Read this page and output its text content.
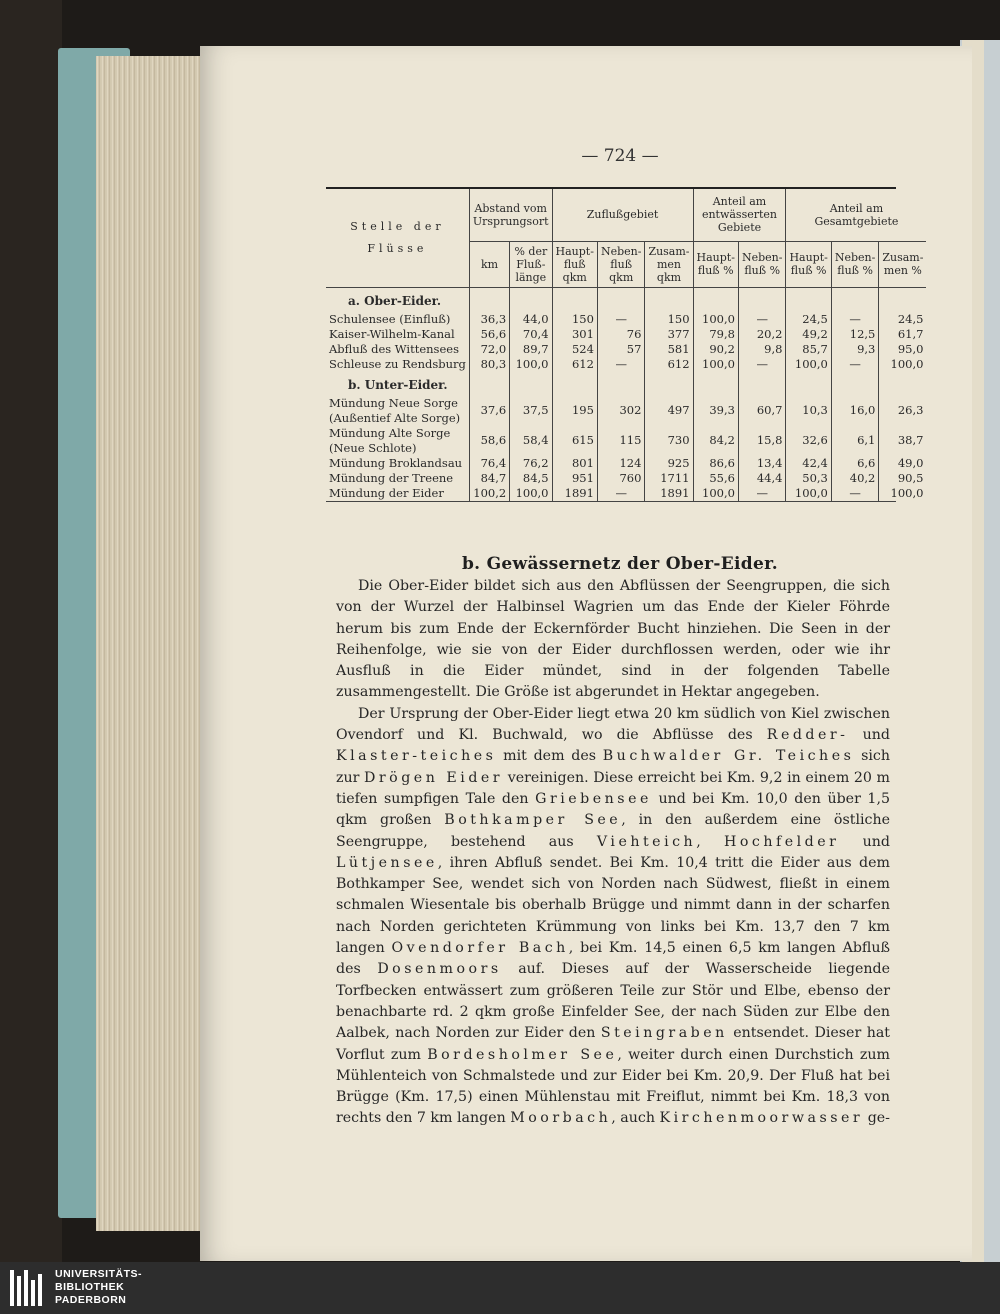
— 724 —
Stelle der Flüsse	Abstand vom Ursprungsort		Zuflußgebiet			Anteil am entwässerten Gebiete		Anteil am Gesamtgebiete		
	km	% der Fluß-länge	Haupt-fluß qkm	Neben-fluß qkm	Zusam-men qkm	Haupt-fluß %	Neben-fluß %	Haupt-fluß %	Neben-fluß %	Zusam-men %
a. Ober-Eider.										
Schulensee (Einfluß)	36,3	44,0	150	—	150	100,0	—	24,5	—	24,5
Kaiser-Wilhelm-Kanal	56,6	70,4	301	76	377	79,8	20,2	49,2	12,5	61,7
Abfluß des Wittensees	72,0	89,7	524	57	581	90,2	9,8	85,7	9,3	95,0
Schleuse zu Rendsburg	80,3	100,0	612	—	612	100,0	—	100,0	—	100,0
b. Unter-Eider.										
Mündung Neue Sorge
(Außentief Alte Sorge)	37,6	37,5	195	302	497	39,3	60,7	10,3	16,0	26,3
Mündung Alte Sorge
(Neue Schlote)	58,6	58,4	615	115	730	84,2	15,8	32,6	6,1	38,7
Mündung Broklandsau	76,4	76,2	801	124	925	86,6	13,4	42,4	6,6	49,0
Mündung der Treene	84,7	84,5	951	760	1711	55,6	44,4	50,3	40,2	90,5
Mündung der Eider	100,2	100,0	1891	—	1891	100,0	—	100,0	—	100,0
b. Gewässernetz der Ober-Eider.

Die Ober-Eider bildet sich aus den Abflüssen der Seengruppen, die sich von der Wurzel der Halbinsel Wagrien um das Ende der Kieler Föhrde herum bis zum Ende der Eckernförder Bucht hinziehen. Die Seen in der Reihenfolge, wie sie von der Eider durchflossen werden, oder wie ihr Ausfluß in die Eider mündet, sind in der folgenden Tabelle zusammengestellt. Die Größe ist abgerundet in Hektar angegeben.

Der Ursprung der Ober-Eider liegt etwa 20 km südlich von Kiel zwischen Ovendorf und Kl. Buchwald, wo die Abflüsse des Redder- und Klaster-teiches mit dem des Buchwalder Gr. Teiches sich zur Drögen Eider vereinigen. Diese erreicht bei Km. 9,2 in einem 20 m tiefen sumpfigen Tale den Griebensee und bei Km. 10,0 den über 1,5 qkm großen Bothkamper See, in den außerdem eine östliche Seengruppe, bestehend aus Viehteich, Hochfelder und Lütjensee, ihren Abfluß sendet. Bei Km. 10,4 tritt die Eider aus dem Bothkamper See, wendet sich von Norden nach Südwest, fließt in einem schmalen Wiesentale bis oberhalb Brügge und nimmt dann in der scharfen nach Norden gerichteten Krümmung von links bei Km. 13,7 den 7 km langen Ovendorfer Bach, bei Km. 14,5 einen 6,5 km langen Abfluß des Dosenmoors auf. Dieses auf der Wasserscheide liegende Torfbecken entwässert zum größeren Teile zur Stör und Elbe, ebenso der benachbarte rd. 2 qkm große Einfelder See, der nach Süden zur Elbe den Aalbek, nach Norden zur Eider den Steingraben entsendet. Dieser hat Vorflut zum Bordesholmer See, weiter durch einen Durchstich zum Mühlenteich von Schmalstede und zur Eider bei Km. 20,9. Der Fluß hat bei Brügge (Km. 17,5) einen Mühlenstau mit Freiflut, nimmt bei Km. 18,3 von rechts den 7 km langen Moorbach, auch Kirchenmoorwasser ge-

UNIVERSITÄTS-
BIBLIOTHEK
PADERBORN
